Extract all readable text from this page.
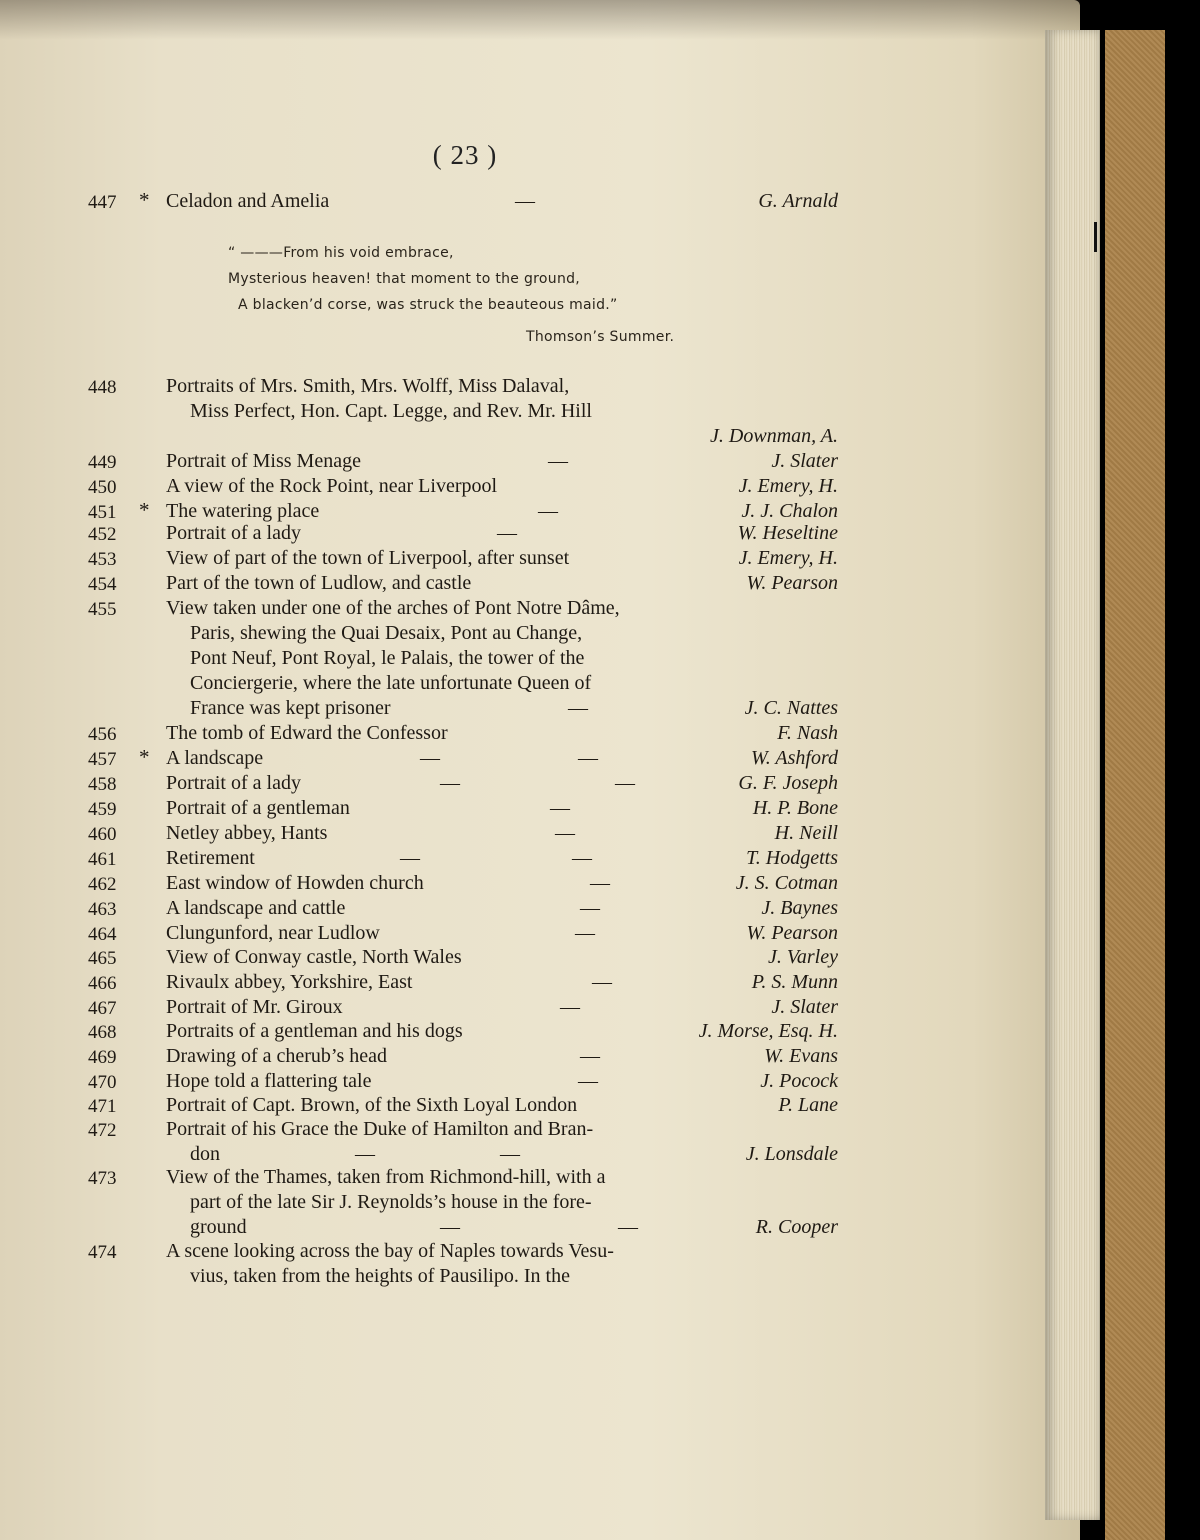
( 23 )
“ ———From his void embrace,
Mysterious heaven! that moment to the ground,
A blacken’d corse, was struck the beauteous maid.”
Thomson’s Summer.
447	* Celadon and Amelia	—	G. Arnald
448	Portraits of Mrs. Smith, Mrs. Wolff, Miss Dalaval,
Miss Perfect, Hon. Capt. Legge, and Rev. Mr. Hill
J. Downman, A.
449	Portrait of Miss Menage	—	J. Slater
450	A view of the Rock Point, near Liverpool	J. Emery, H.
451	* The watering place	—	J. J. Chalon
452	Portrait of a lady	—	W. Heseltine
453	View of part of the town of Liverpool, after sunset	J. Emery, H.
454	Part of the town of Ludlow, and castle	W. Pearson
455	View taken under one of the arches of Pont Notre Dâme,
Paris, shewing the Quai Desaix, Pont au Change,
Pont Neuf, Pont Royal, le Palais, the tower of the
Conciergerie, where the late unfortunate Queen of
France was kept prisoner	—	J. C. Nattes
456	The tomb of Edward the Confessor	F. Nash
457	* A landscape	—	—	W. Ashford
458	Portrait of a lady	—	—	G. F. Joseph
459	Portrait of a gentleman	—	H. P. Bone
460	Netley abbey, Hants	—	H. Neill
461	Retirement	—	—	T. Hodgetts
462	East window of Howden church	—	J. S. Cotman
463	A landscape and cattle	—	J. Baynes
464	Clungunford, near Ludlow	—	W. Pearson
465	View of Conway castle, North Wales	J. Varley
466	Rivaulx abbey, Yorkshire, East	—	P. S. Munn
467	Portrait of Mr. Giroux	—	J. Slater
468	Portraits of a gentleman and his dogs	J. Morse, Esq. H.
469	Drawing of a cherub’s head	—	W. Evans
470	Hope told a flattering tale	—	J. Pocock
471	Portrait of Capt. Brown, of the Sixth Loyal London	P. Lane
472	Portrait of his Grace the Duke of Hamilton and Bran-
don	—	—	J. Lonsdale
473	View of the Thames, taken from Richmond-hill, with a
part of the late Sir J. Reynolds’s house in the fore-
ground	—	—	R. Cooper
474	A scene looking across the bay of Naples towards Vesu-
vius, taken from the heights of Pausilipo. In the
